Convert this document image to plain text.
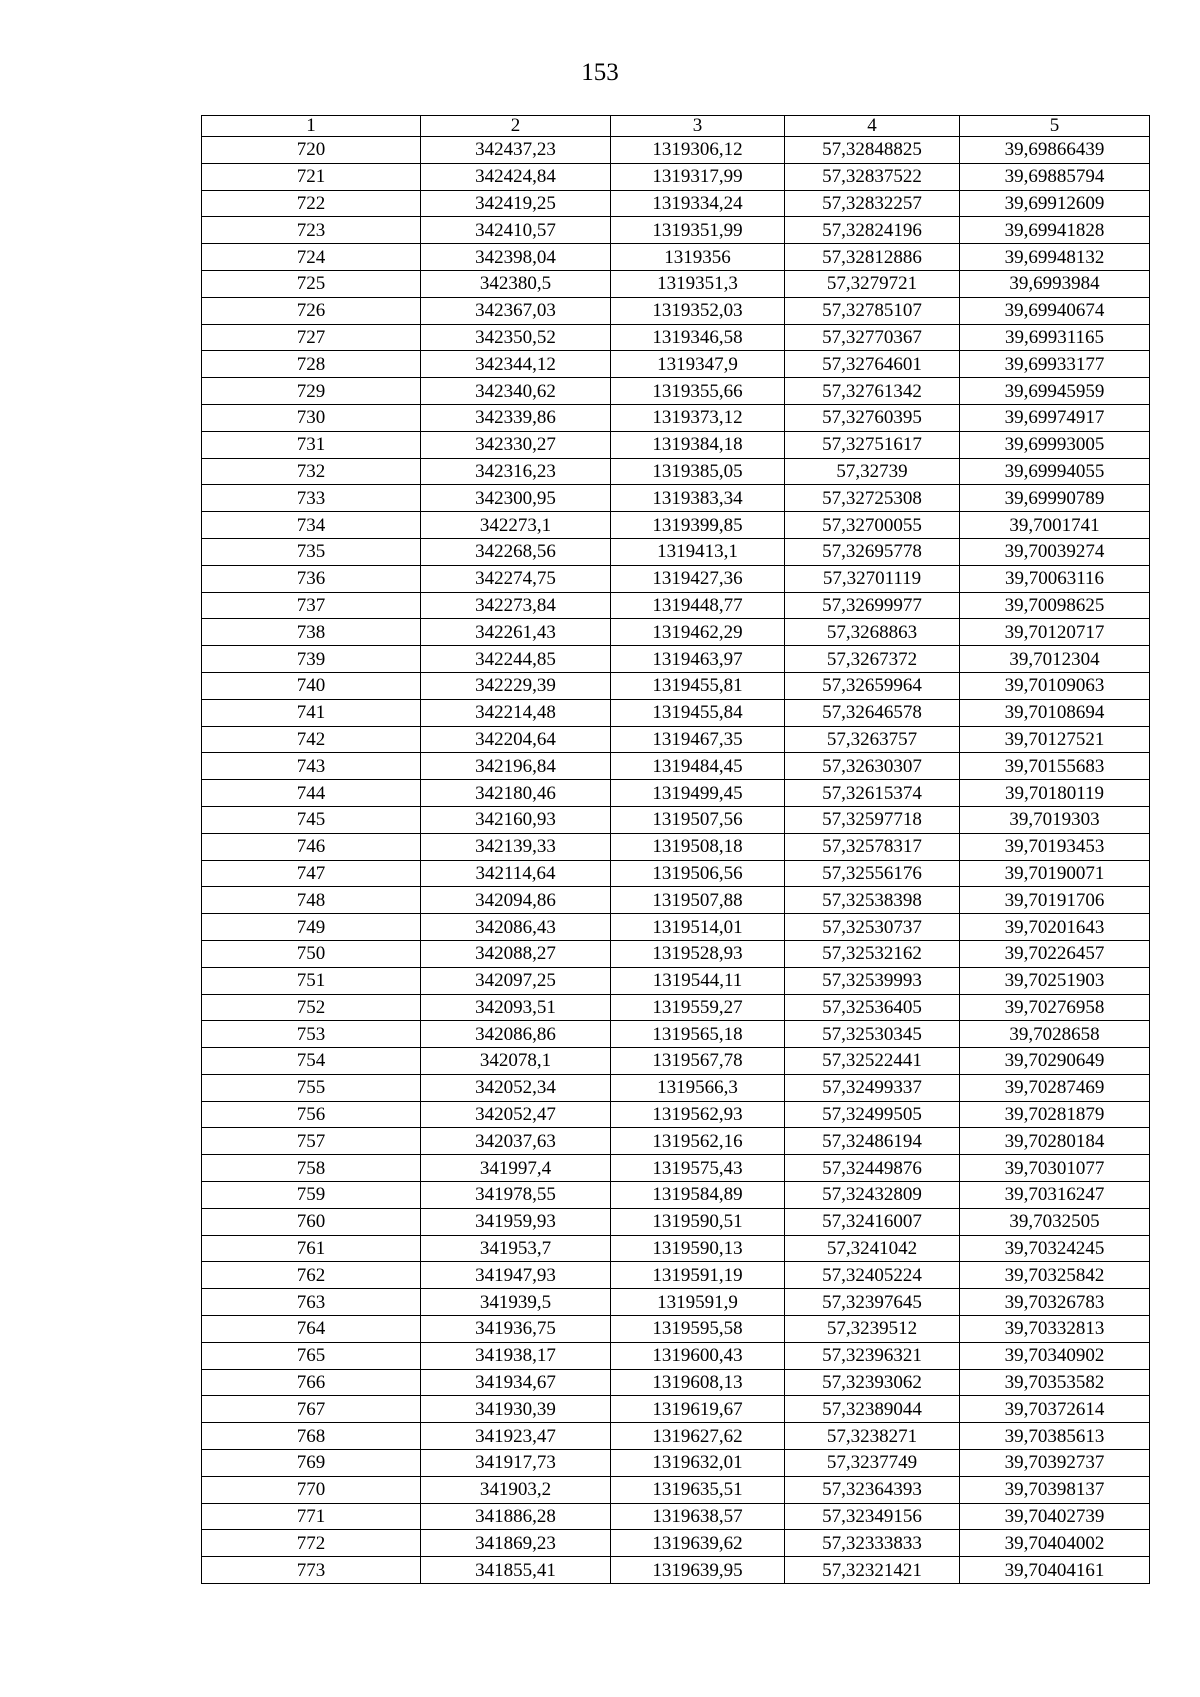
153
1	2	3	4	5
720	342437,23	1319306,12	57,32848825	39,69866439
721	342424,84	1319317,99	57,32837522	39,69885794
722	342419,25	1319334,24	57,32832257	39,69912609
723	342410,57	1319351,99	57,32824196	39,69941828
724	342398,04	1319356	57,32812886	39,69948132
725	342380,5	1319351,3	57,3279721	39,6993984
726	342367,03	1319352,03	57,32785107	39,69940674
727	342350,52	1319346,58	57,32770367	39,69931165
728	342344,12	1319347,9	57,32764601	39,69933177
729	342340,62	1319355,66	57,32761342	39,69945959
730	342339,86	1319373,12	57,32760395	39,69974917
731	342330,27	1319384,18	57,32751617	39,69993005
732	342316,23	1319385,05	57,32739	39,69994055
733	342300,95	1319383,34	57,32725308	39,69990789
734	342273,1	1319399,85	57,32700055	39,7001741
735	342268,56	1319413,1	57,32695778	39,70039274
736	342274,75	1319427,36	57,32701119	39,70063116
737	342273,84	1319448,77	57,32699977	39,70098625
738	342261,43	1319462,29	57,3268863	39,70120717
739	342244,85	1319463,97	57,3267372	39,7012304
740	342229,39	1319455,81	57,32659964	39,70109063
741	342214,48	1319455,84	57,32646578	39,70108694
742	342204,64	1319467,35	57,3263757	39,70127521
743	342196,84	1319484,45	57,32630307	39,70155683
744	342180,46	1319499,45	57,32615374	39,70180119
745	342160,93	1319507,56	57,32597718	39,7019303
746	342139,33	1319508,18	57,32578317	39,70193453
747	342114,64	1319506,56	57,32556176	39,70190071
748	342094,86	1319507,88	57,32538398	39,70191706
749	342086,43	1319514,01	57,32530737	39,70201643
750	342088,27	1319528,93	57,32532162	39,70226457
751	342097,25	1319544,11	57,32539993	39,70251903
752	342093,51	1319559,27	57,32536405	39,70276958
753	342086,86	1319565,18	57,32530345	39,7028658
754	342078,1	1319567,78	57,32522441	39,70290649
755	342052,34	1319566,3	57,32499337	39,70287469
756	342052,47	1319562,93	57,32499505	39,70281879
757	342037,63	1319562,16	57,32486194	39,70280184
758	341997,4	1319575,43	57,32449876	39,70301077
759	341978,55	1319584,89	57,32432809	39,70316247
760	341959,93	1319590,51	57,32416007	39,7032505
761	341953,7	1319590,13	57,3241042	39,70324245
762	341947,93	1319591,19	57,32405224	39,70325842
763	341939,5	1319591,9	57,32397645	39,70326783
764	341936,75	1319595,58	57,3239512	39,70332813
765	341938,17	1319600,43	57,32396321	39,70340902
766	341934,67	1319608,13	57,32393062	39,70353582
767	341930,39	1319619,67	57,32389044	39,70372614
768	341923,47	1319627,62	57,3238271	39,70385613
769	341917,73	1319632,01	57,3237749	39,70392737
770	341903,2	1319635,51	57,32364393	39,70398137
771	341886,28	1319638,57	57,32349156	39,70402739
772	341869,23	1319639,62	57,32333833	39,70404002
773	341855,41	1319639,95	57,32321421	39,70404161
